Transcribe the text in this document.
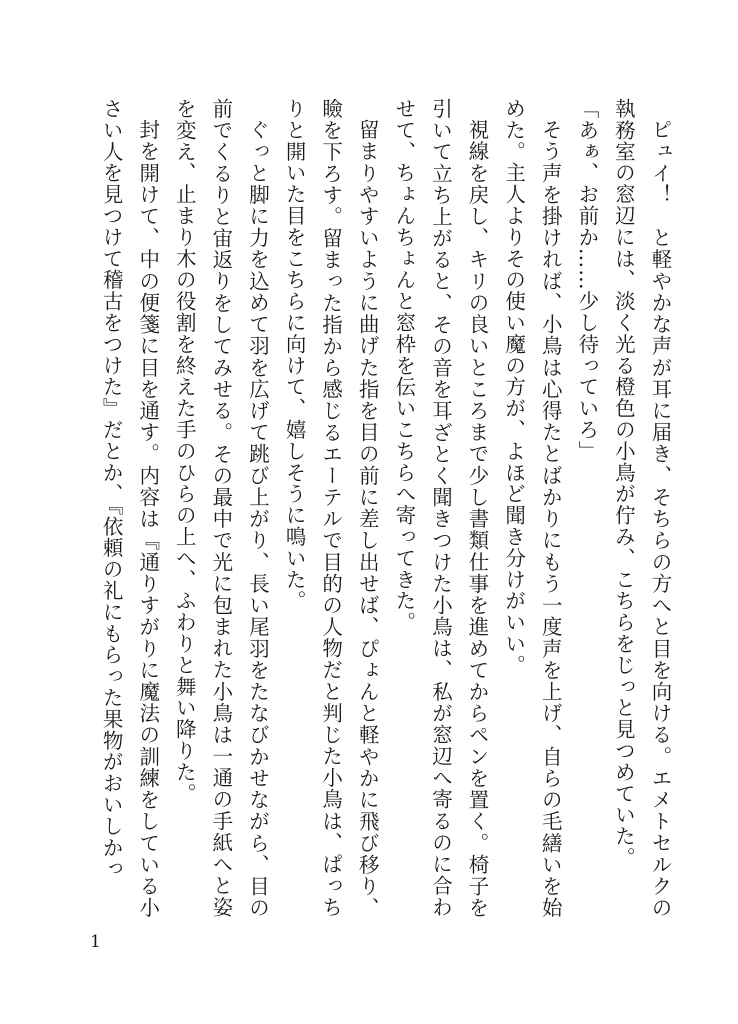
ピュイ！　と軽やかな声が耳に届き、そちらの方へと目を向ける。エメトセルクの執務室の窓辺には、淡く光る橙色の小鳥が佇み、こちらをじっと見つめていた。

「あぁ、お前か……少し待っていろ」

そう声を掛ければ、小鳥は心得たとばかりにもう一度声を上げ、自らの毛繕いを始めた。主人よりその使い魔の方が、よほど聞き分けがいい。

視線を戻し、キリの良いところまで少し書類仕事を進めてからペンを置く。椅子を引いて立ち上がると、その音を耳ざとく聞きつけた小鳥は、私が窓辺へ寄るのに合わせて、ちょんちょんと窓枠を伝いこちらへ寄ってきた。

留まりやすいように曲げた指を目の前に差し出せば、ぴょんと軽やかに飛び移り、瞼を下ろす。留まった指から感じるエーテルで目的の人物だと判じた小鳥は、ぱっちりと開いた目をこちらに向けて、嬉しそうに鳴いた。

ぐっと脚に力を込めて羽を広げて跳び上がり、長い尾羽をたなびかせながら、目の前でくるりと宙返りをしてみせる。その最中で光に包まれた小鳥は一通の手紙へと姿を変え、止まり木の役割を終えた手のひらの上へ、ふわりと舞い降りた。

封を開けて、中の便箋に目を通す。内容は『通りすがりに魔法の訓練をしている小さい人を見つけて稽古をつけた』だとか、『依頼の礼にもらった果物がおいしかっ

1
